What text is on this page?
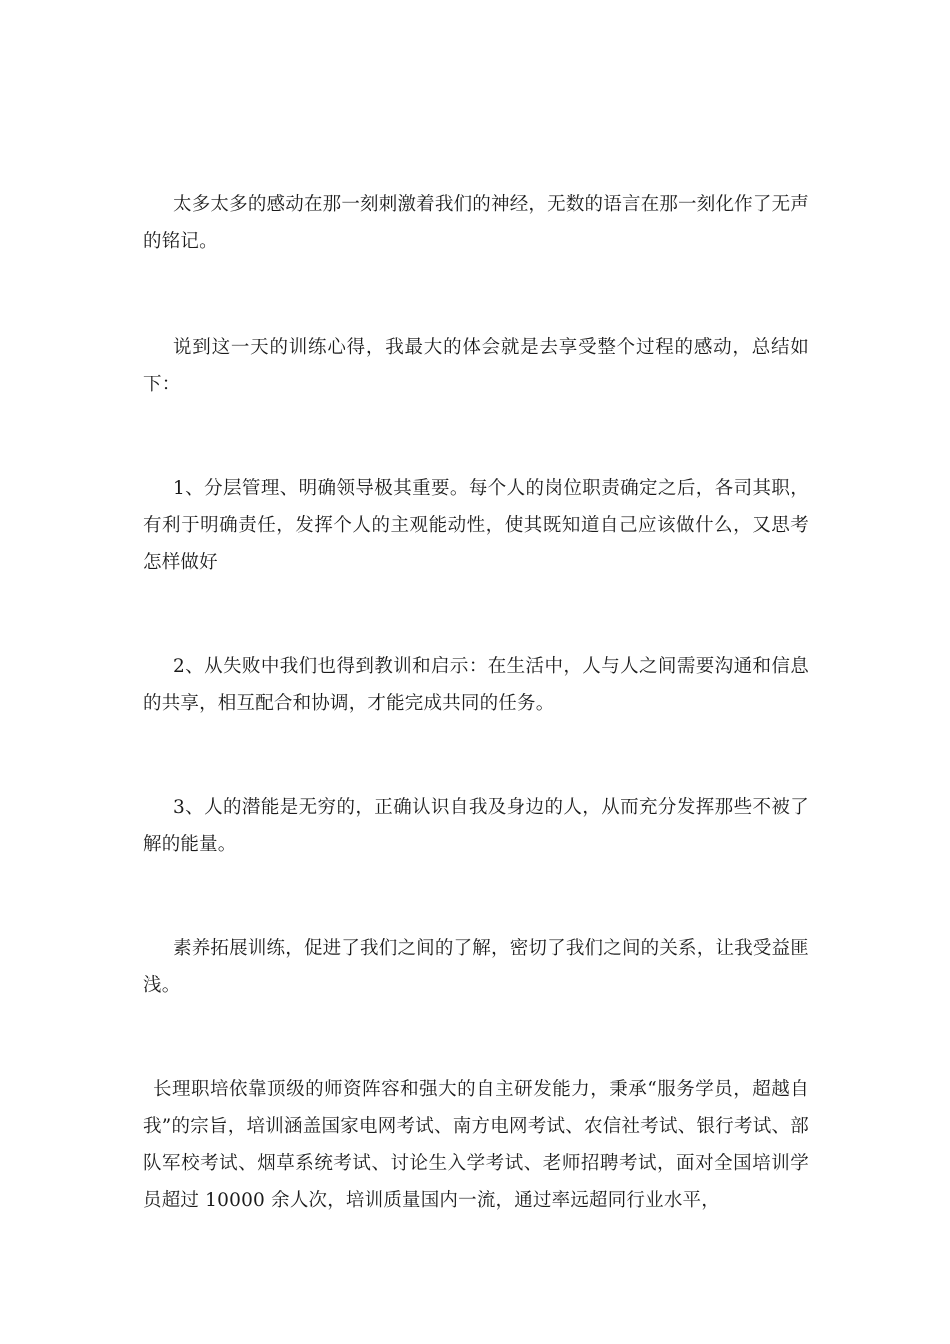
太多太多的感动在那一刻刺激着我们的神经，无数的语言在那一刻化作了无声的铭记。

说到这一天的训练心得，我最大的体会就是去享受整个过程的感动，总结如下：

1、分层管理、明确领导极其重要。每个人的岗位职责确定之后，各司其职，有利于明确责任，发挥个人的主观能动性，使其既知道自己应该做什么，又思考怎样做好

2、从失败中我们也得到教训和启示：在生活中，人与人之间需要沟通和信息的共享，相互配合和协调，才能完成共同的任务。

3、人的潜能是无穷的，正确认识自我及身边的人，从而充分发挥那些不被了解的能量。

素养拓展训练，促进了我们之间的了解，密切了我们之间的关系，让我受益匪浅。

长理职培依靠顶级的师资阵容和强大的自主研发能力，秉承“服务学员，超越自我”的宗旨，培训涵盖国家电网考试、南方电网考试、农信社考试、银行考试、部队军校考试、烟草系统考试、讨论生入学考试、老师招聘考试，面对全国培训学员超过 10000 余人次，培训质量国内一流，通过率远超同行业水平，
